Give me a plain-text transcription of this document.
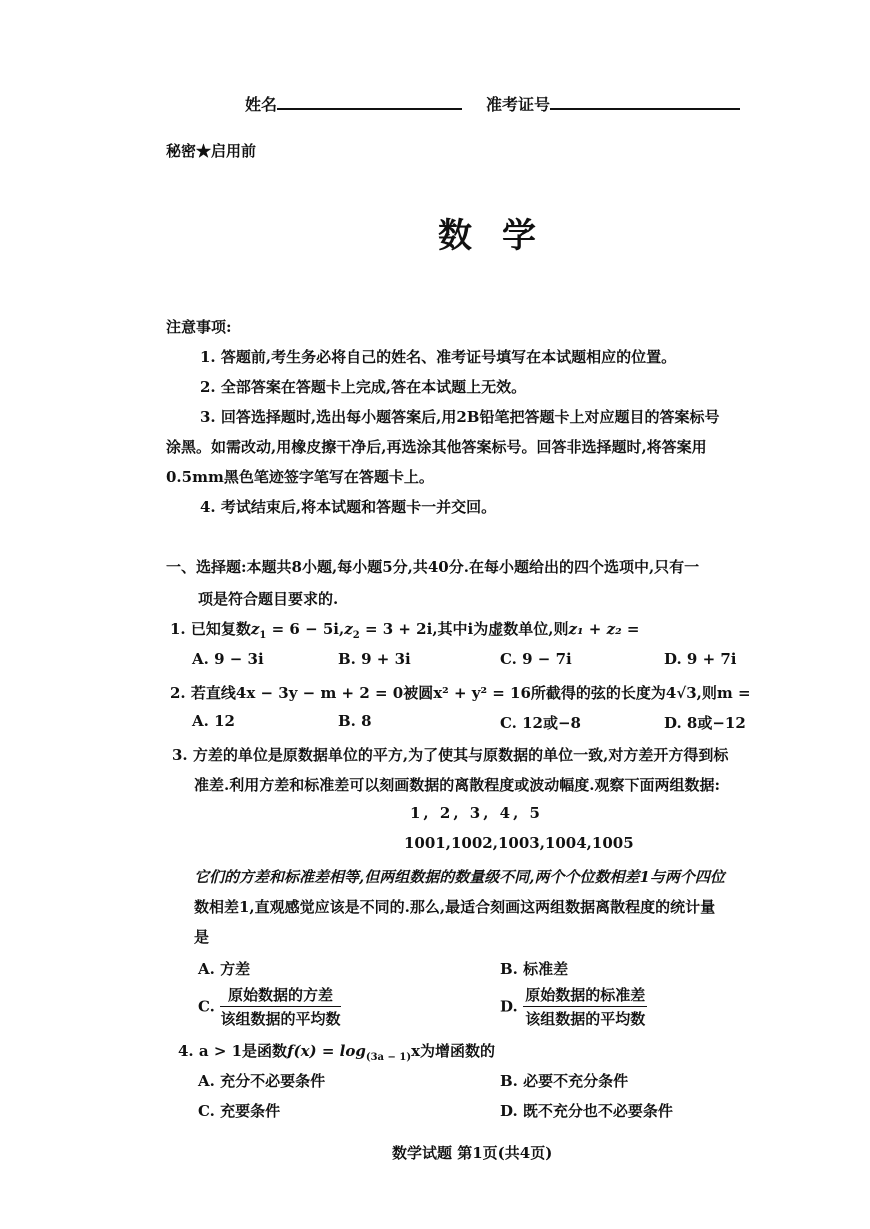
姓名	准考证号
秘密★启用前
数学
注意事项:
1. 答题前,考生务必将自己的姓名、准考证号填写在本试题相应的位置。
2. 全部答案在答题卡上完成,答在本试题上无效。
3. 回答选择题时,选出每小题答案后,用2B铅笔把答题卡上对应题目的答案标号
涂黑。如需改动,用橡皮擦干净后,再选涂其他答案标号。回答非选择题时,将答案用
0.5mm黑色笔迹签字笔写在答题卡上。
4. 考试结束后,将本试题和答题卡一并交回。
一、选择题:本题共8小题,每小题5分,共40分.在每小题给出的四个选项中,只有一
项是符合题目要求的.
1. 已知复数$z_1 = 6 - 5i,z_2 = 3 + 2i$,其中i为虚数单位,则z₁ + z₂ =
A. 9 − 3i	B. 9 + 3i	C. 9 − 7i	D. 9 + 7i
2. 若直线4x − 3y − m + 2 = 0被圆x² + y² = 16所截得的弦的长度为4√3,则m =
A. 12	B. 8	C. 12或−8	D. 8或−12
3. 方差的单位是原数据单位的平方,为了使其与原数据的单位一致,对方差开方得到标
准差.利用方差和标准差可以刻画数据的离散程度或波动幅度.观察下面两组数据:
1, 2, 3, 4, 5
1001,1002,1003,1004,1005
它们的方差和标准差相等,但两组数据的数量级不同,两个个位数相差1与两个四位
数相差1,直观感觉应该是不同的.那么,最适合刻画这两组数据离散程度的统计量
是
A. 方差	B. 标准差
C. $\frac{\text{原始数据的方差}}{\text{该组数据的平均数}}$	D. $\frac{\text{原始数据的标准差}}{\text{该组数据的平均数}}$
4. a > 1是函数$f(x) = \log_{(3a - 1)}x$为增函数的
A. 充分不必要条件	B. 必要不充分条件
C. 充要条件	D. 既不充分也不必要条件
数学试题 第1页(共4页)
